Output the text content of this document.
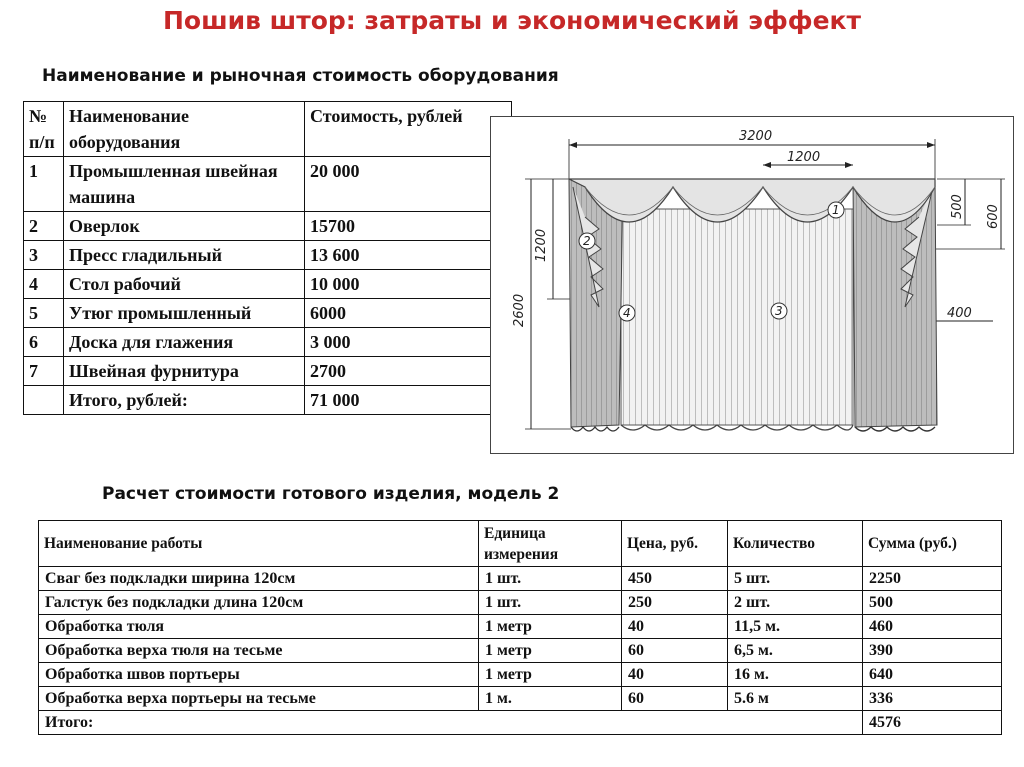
Пошив штор: затраты и экономический эффект
Наименование и рыночная стоимость оборудования
№ п/п	Наименование оборудования	Стоимость, рублей
1	Промышленная швейная машина	20 000
2	Оверлок	15700
3	Пресс гладильный	13 600
4	Стол рабочий	10 000
5	Утюг промышленный	6000
6	Доска для глажения	3 000
7	Швейная фурнитура	2700
	Итого, рублей:	71 000
3200
1200
1200
2600
500 600
400
1
2
3
4
Расчет стоимости готового изделия, модель 2
Наименование работы	Единица измерения	Цена, руб.	Количество	Сумма (руб.)
Сваг без подкладки ширина 120см	1 шт.	450	5 шт.	2250
Галстук без подкладки длина 120см	1 шт.	250	2 шт.	500
Обработка тюля	1 метр	40	11,5 м.	460
Обработка верха тюля на тесьме	1 метр	60	6,5 м.	390
Обработка швов портьеры	1 метр	40	16 м.	640
Обработка верха портьеры на тесьме	1 м.	60	5.6 м	336
Итого:				4576
